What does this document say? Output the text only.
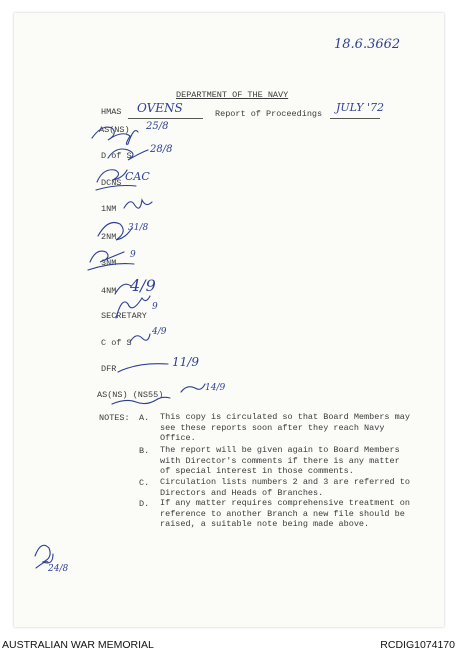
18.6.3662
DEPARTMENT OF THE NAVY
HMAS OVENS	Report of Proceedings JULY '72
AS(NS) 25/8
D of S
28/8
DCNS CAC
1NM
2NM
31/8
3NM
9
4NM 4/9
SECRETARY
9
C of S
4/9
DFR	11/9
AS(NS) (NS55)
14/9
NOTES: A. This copy is circulated so that Board Members may see these reports soon after they reach Navy Office.
B. The report will be given again to Board Members with Director's comments if there is any matter of special interest in those comments.
C. Circulation lists numbers 2 and 3 are referred to Directors and Heads of Branches.
D. If any matter requires comprehensive treatment on reference to another Branch a new file should be raised, a suitable note being made above.
24/8
AUSTRALIAN WAR MEMORIAL	RCDIG1074170
